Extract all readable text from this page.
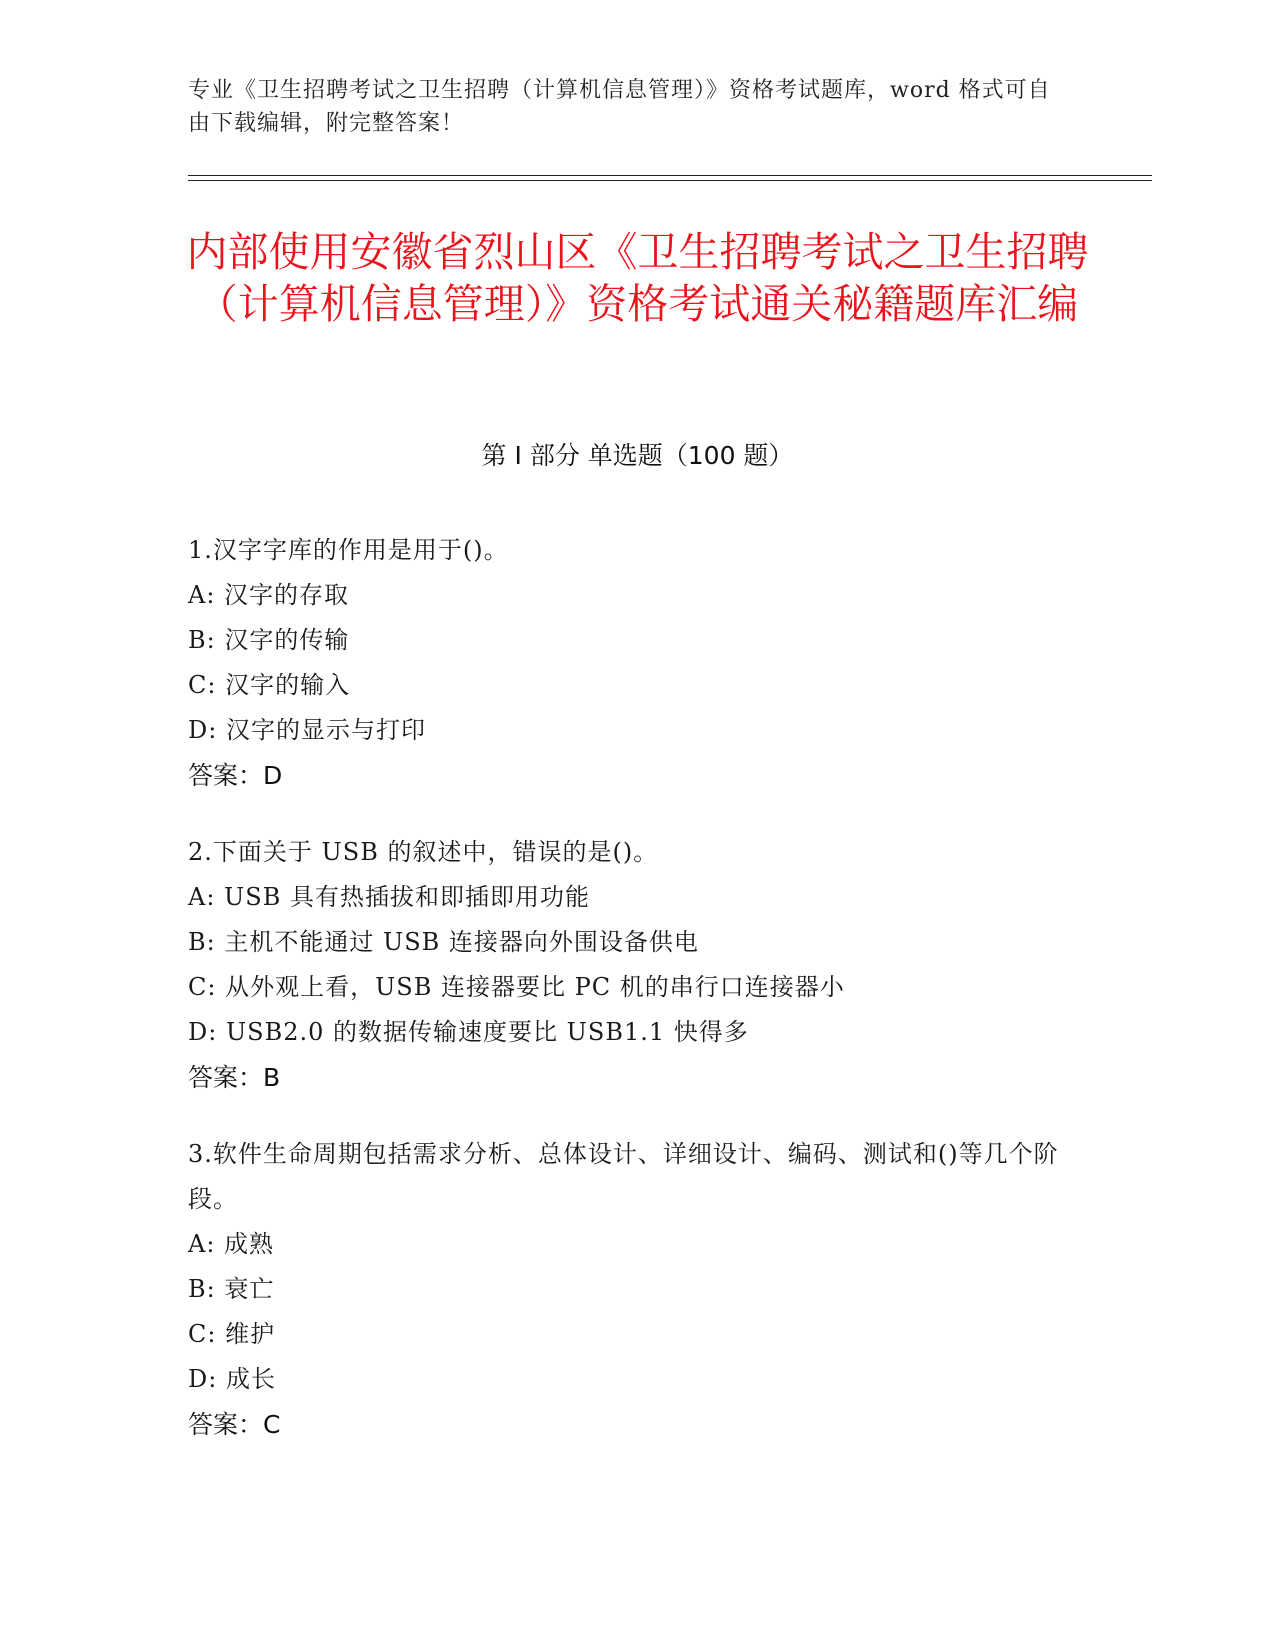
专业《卫生招聘考试之卫生招聘（计算机信息管理）》资格考试题库，word 格式可自由下载编辑，附完整答案！
内部使用安徽省烈山区《卫生招聘考试之卫生招聘（计算机信息管理）》资格考试通关秘籍题库汇编
第 I 部分 单选题（100 题）
1.汉字字库的作用是用于()。
A: 汉字的存取
B: 汉字的传输
C: 汉字的输入
D: 汉字的显示与打印
答案：D
2.下面关于 USB 的叙述中，错误的是()。
A: USB 具有热插拔和即插即用功能
B: 主机不能通过 USB 连接器向外围设备供电
C: 从外观上看，USB 连接器要比 PC 机的串行口连接器小
D: USB2.0 的数据传输速度要比 USB1.1 快得多
答案：B
3.软件生命周期包括需求分析、总体设计、详细设计、编码、测试和()等几个阶段。
A: 成熟
B: 衰亡
C: 维护
D: 成长
答案：C
